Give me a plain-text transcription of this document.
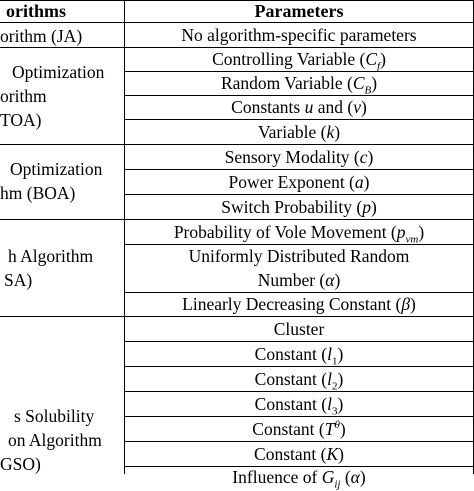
orithms	Parameters
orithm (JA)	No algorithm-specific parameters
Optimization
orithm
TOA)
Controlling Variable $(C_f)$
Random Variable $(C_B)$
Constants u and (v)
Variable (k)
Optimization
hm (BOA)
Sensory Modality (c)
Power Exponent (a)
Switch Probability (p)
h Algorithm
SA)
Probability of Vole Movement $(p_{vm})$
Uniformly Distributed Random
Number (α)
Linearly Decreasing Constant (β)
s Solubility
on Algorithm
GSO)
Cluster
Constant $(l_1)$
Constant $(l_2)$
Constant $(l_3)$
Constant $(T^\theta)$
Constant (K)
Influence of $G_{ij}$ (α)
